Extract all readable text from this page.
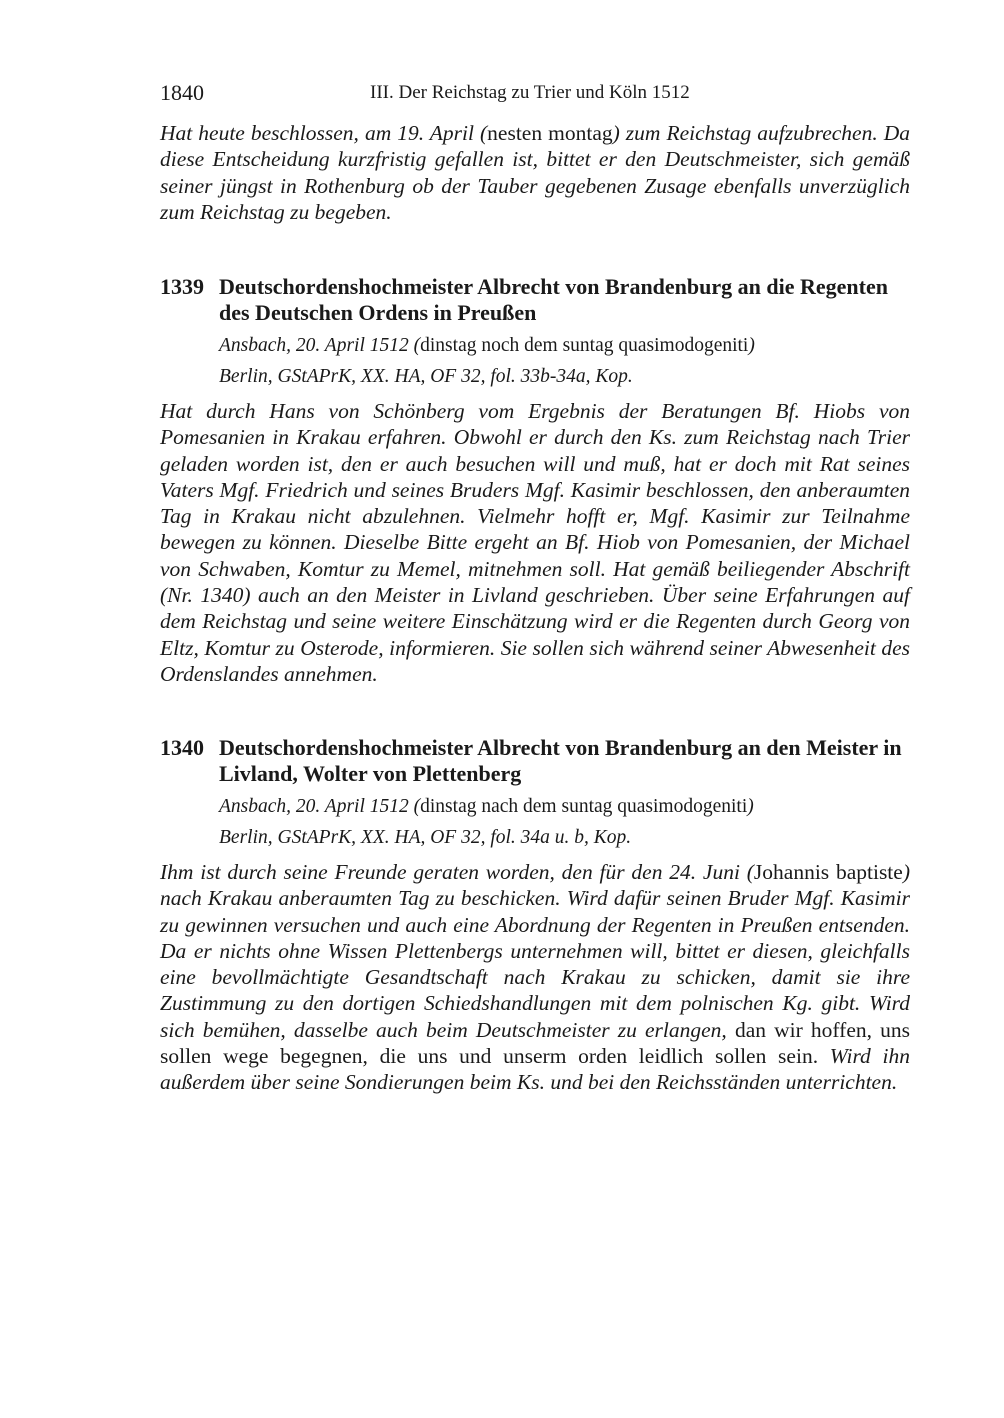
1840	III. Der Reichstag zu Trier und Köln 1512

Hat heute beschlossen, am 19. April (nesten montag) zum Reichstag aufzubrechen. Da diese Entscheidung kurzfristig gefallen ist, bittet er den Deutschmeister, sich gemäß seiner jüngst in Rothenburg ob der Tauber gegebenen Zusage ebenfalls unverzüglich zum Reichstag zu begeben.

1339 Deutschordenshochmeister Albrecht von Brandenburg an die Regenten des Deutschen Ordens in Preußen
Ansbach, 20. April 1512 (dinstag noch dem suntag quasimodogeniti)
Berlin, GStAPrK, XX. HA, OF 32, fol. 33b-34a, Kop.

Hat durch Hans von Schönberg vom Ergebnis der Beratungen Bf. Hiobs von Pomesanien in Krakau erfahren. Obwohl er durch den Ks. zum Reichstag nach Trier geladen worden ist, den er auch besuchen will und muß, hat er doch mit Rat seines Vaters Mgf. Friedrich und seines Bruders Mgf. Kasimir beschlossen, den anberaumten Tag in Krakau nicht abzulehnen. Vielmehr hofft er, Mgf. Kasimir zur Teilnahme bewegen zu können. Dieselbe Bitte ergeht an Bf. Hiob von Pomesanien, der Michael von Schwaben, Komtur zu Memel, mitnehmen soll. Hat gemäß beiliegender Abschrift (Nr. 1340) auch an den Meister in Livland geschrieben. Über seine Erfahrungen auf dem Reichstag und seine weitere Einschätzung wird er die Regenten durch Georg von Eltz, Komtur zu Osterode, informieren. Sie sollen sich während seiner Abwesenheit des Ordenslandes annehmen.

1340 Deutschordenshochmeister Albrecht von Brandenburg an den Meister in Livland, Wolter von Plettenberg
Ansbach, 20. April 1512 (dinstag nach dem suntag quasimodogeniti)
Berlin, GStAPrK, XX. HA, OF 32, fol. 34a u. b, Kop.

Ihm ist durch seine Freunde geraten worden, den für den 24. Juni (Johannis baptiste) nach Krakau anberaumten Tag zu beschicken. Wird dafür seinen Bruder Mgf. Kasimir zu gewinnen versuchen und auch eine Abordnung der Regenten in Preußen entsenden. Da er nichts ohne Wissen Plettenbergs unternehmen will, bittet er diesen, gleichfalls eine bevollmächtigte Gesandtschaft nach Krakau zu schicken, damit sie ihre Zustimmung zu den dortigen Schiedshandlungen mit dem polnischen Kg. gibt. Wird sich bemühen, dasselbe auch beim Deutschmeister zu erlangen, dan wir hoffen, uns sollen wege begegnen, die uns und unserm orden leidlich sollen sein. Wird ihn außerdem über seine Sondierungen beim Ks. und bei den Reichsständen unterrichten.
